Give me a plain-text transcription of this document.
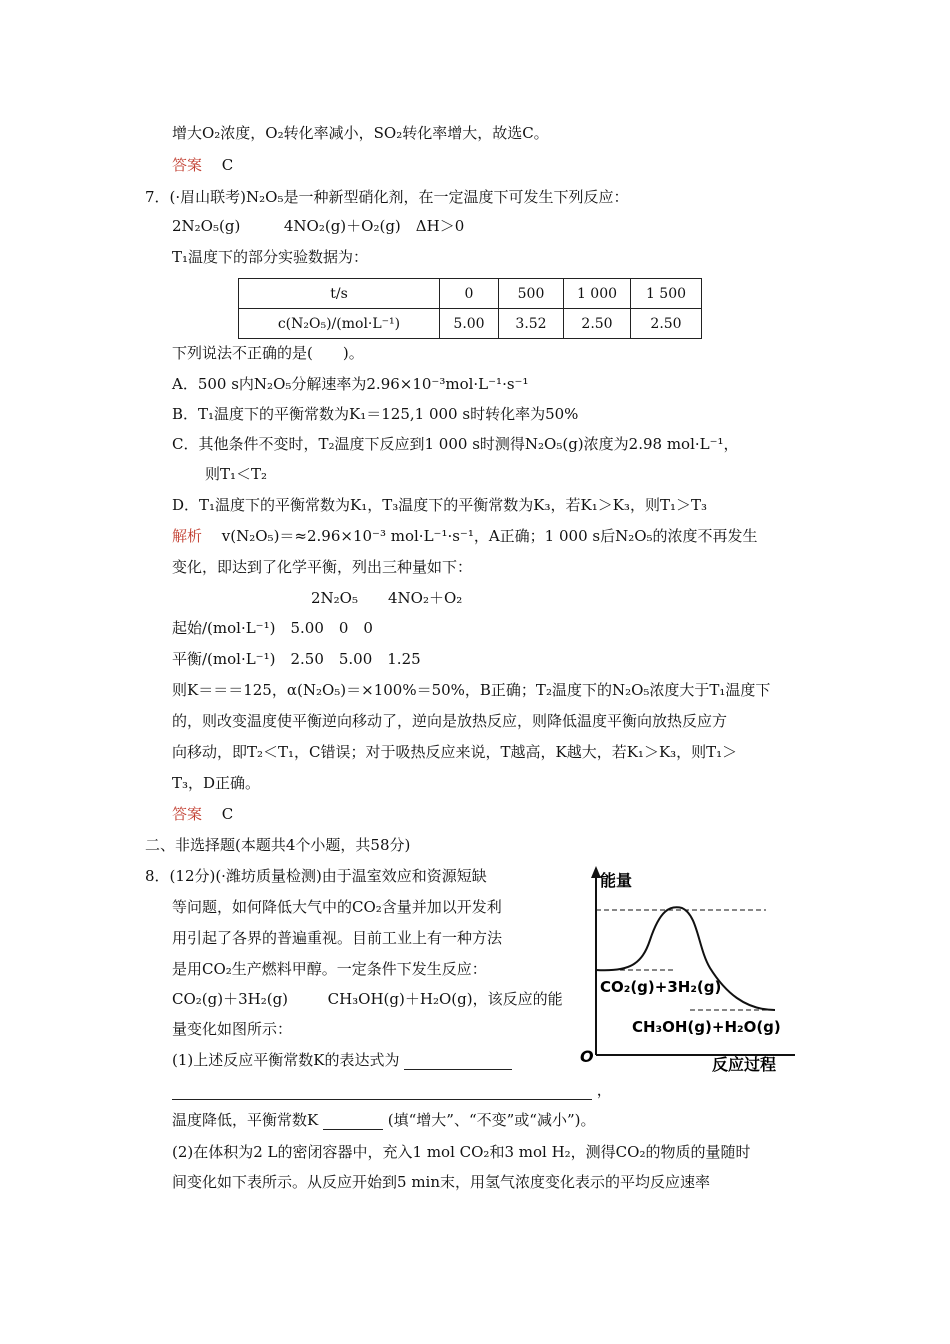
增大O₂浓度，O₂转化率减小，SO₂转化率增大，故选C。
答案　 C
7．(·眉山联考)N₂O₅是一种新型硝化剂，在一定温度下可发生下列反应：
2N₂O₅(g)	4NO₂(g)＋O₂(g)　ΔH＞0
T₁温度下的部分实验数据为：
t/s	0	500	1 000	1 500
c(N₂O₅)/(mol·L⁻¹)	5.00	3.52	2.50	2.50
下列说法不正确的是(　　)。
A．500 s内N₂O₅分解速率为2.96×10⁻³mol·L⁻¹·s⁻¹
B．T₁温度下的平衡常数为K₁＝125,1 000 s时转化率为50%
C．其他条件不变时，T₂温度下反应到1 000 s时测得N₂O₅(g)浓度为2.98 mol·L⁻¹，
则T₁＜T₂
D．T₁温度下的平衡常数为K₁，T₃温度下的平衡常数为K₃，若K₁＞K₃，则T₁＞T₃
解析　 v(N₂O₅)＝≈2.96×10⁻³ mol·L⁻¹·s⁻¹，A正确；1 000 s后N₂O₅的浓度不再发生
变化，即达到了化学平衡，列出三种量如下：
2N₂O₅　　4NO₂＋O₂
起始/(mol·L⁻¹)　5.00　0　0
平衡/(mol·L⁻¹)　2.50　5.00　1.25
则K＝＝＝125，α(N₂O₅)＝×100%＝50%，B正确；T₂温度下的N₂O₅浓度大于T₁温度下
的，则改变温度使平衡逆向移动了，逆向是放热反应，则降低温度平衡向放热反应方
向移动，即T₂＜T₁，C错误；对于吸热反应来说，T越高，K越大，若K₁＞K₃，则T₁＞
T₃，D正确。
答案　 C
二、非选择题(本题共4个小题，共58分)
8．(12分)(·潍坊质量检测)由于温室效应和资源短缺
等问题，如何降低大气中的CO₂含量并加以开发利
用引起了各界的普遍重视。目前工业上有一种方法
是用CO₂生产燃料甲醇。一定条件下发生反应：
CO₂(g)＋3H₂(g)	CH₃OH(g)＋H₂O(g)，该反应的能
量变化如图所示：
(1)上述反应平衡常数K的表达式为
，
温度降低，平衡常数K	(填“增大”、“不变”或“减小”)。
(2)在体积为2 L的密闭容器中，充入1 mol CO₂和3 mol H₂，测得CO₂的物质的量随时
间变化如下表所示。从反应开始到5 min末，用氢气浓度变化表示的平均反应速率
能量
O	反应过程
CO₂(g)+3H₂(g)
CH₃OH(g)+H₂O(g)
